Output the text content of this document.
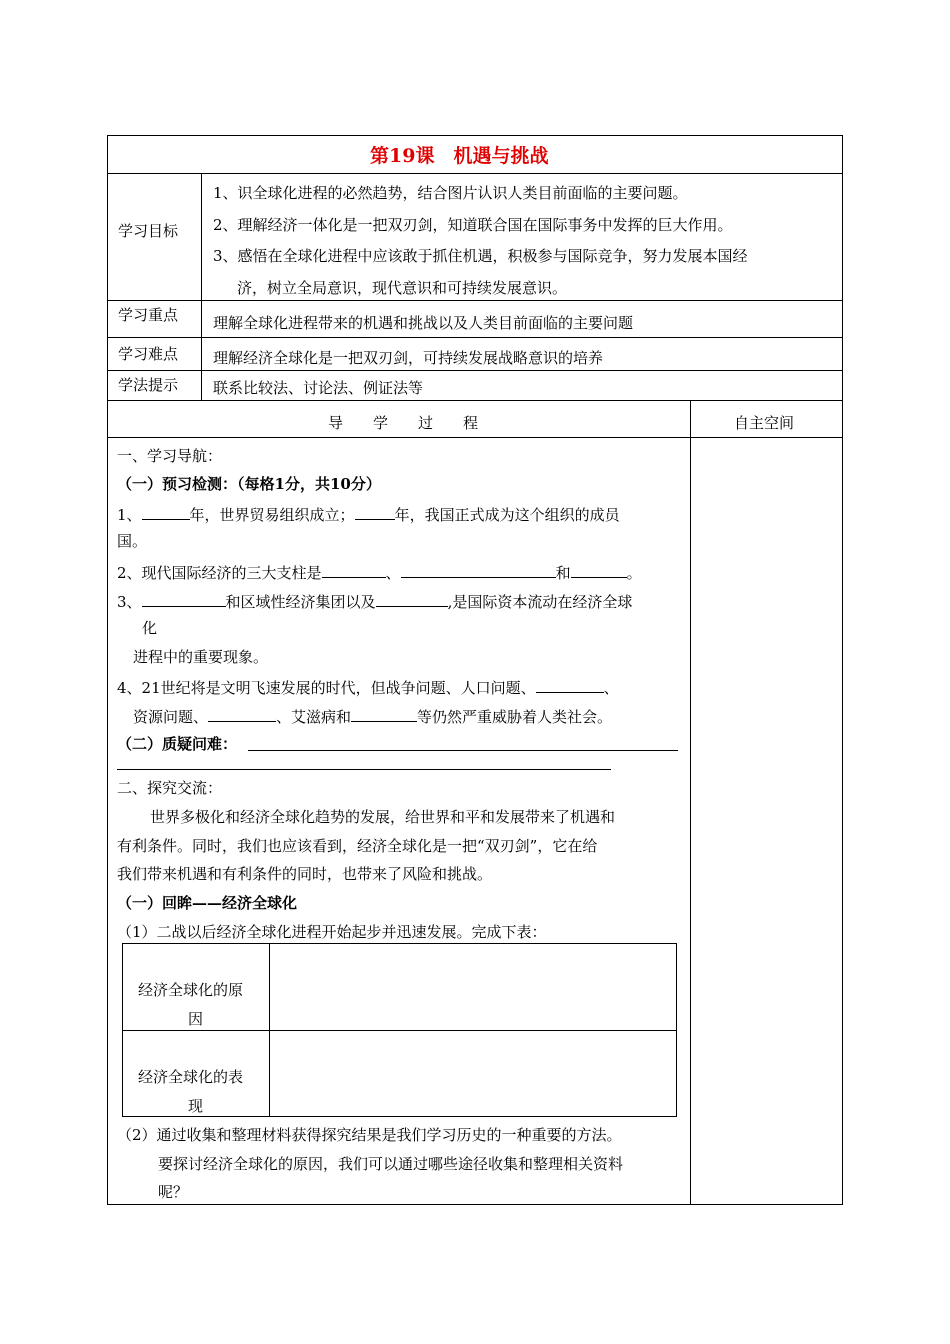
第19课　机遇与挑战
学习目标
1、识全球化进程的必然趋势，结合图片认识人类目前面临的主要问题。
2、理解经济一体化是一把双刃剑，知道联合国在国际事务中发挥的巨大作用。
3、感悟在全球化进程中应该敢于抓住机遇，积极参与国际竞争，努力发展本国经
济，树立全局意识，现代意识和可持续发展意识。
学习重点 理解全球化进程带来的机遇和挑战以及人类目前面临的主要问题
学习难点 理解经济全球化是一把双刃剑，可持续发展战略意识的培养
学法提示 联系比较法、讨论法、例证法等
导　　学　　过　　程	自主空间
一、学习导航：
（一）预习检测：（每格1分，共10分）
1、	年，世界贸易组织成立；	年，我国正式成为这个组织的成员
国。
2、现代国际经济的三大支柱是	、	和	。
3、	和区域性经济集团以及	,是国际资本流动在经济全球
化
进程中的重要现象。
4、21世纪将是文明飞速发展的时代，但战争问题、人口问题、	、
资源问题、	、艾滋病和	等仍然严重威胁着人类社会。
（二）质疑问难：
二、探究交流：
世界多极化和经济全球化趋势的发展，给世界和平和发展带来了机遇和
有利条件。同时，我们也应该看到，经济全球化是一把“双刃剑”，它在给
我们带来机遇和有利条件的同时，也带来了风险和挑战。
（一）回眸——经济全球化
（1）二战以后经济全球化进程开始起步并迅速发展。完成下表：
经济全球化的原
因
经济全球化的表
现
（2）通过收集和整理材料获得探究结果是我们学习历史的一种重要的方法。
要探讨经济全球化的原因，我们可以通过哪些途径收集和整理相关资料
呢？
